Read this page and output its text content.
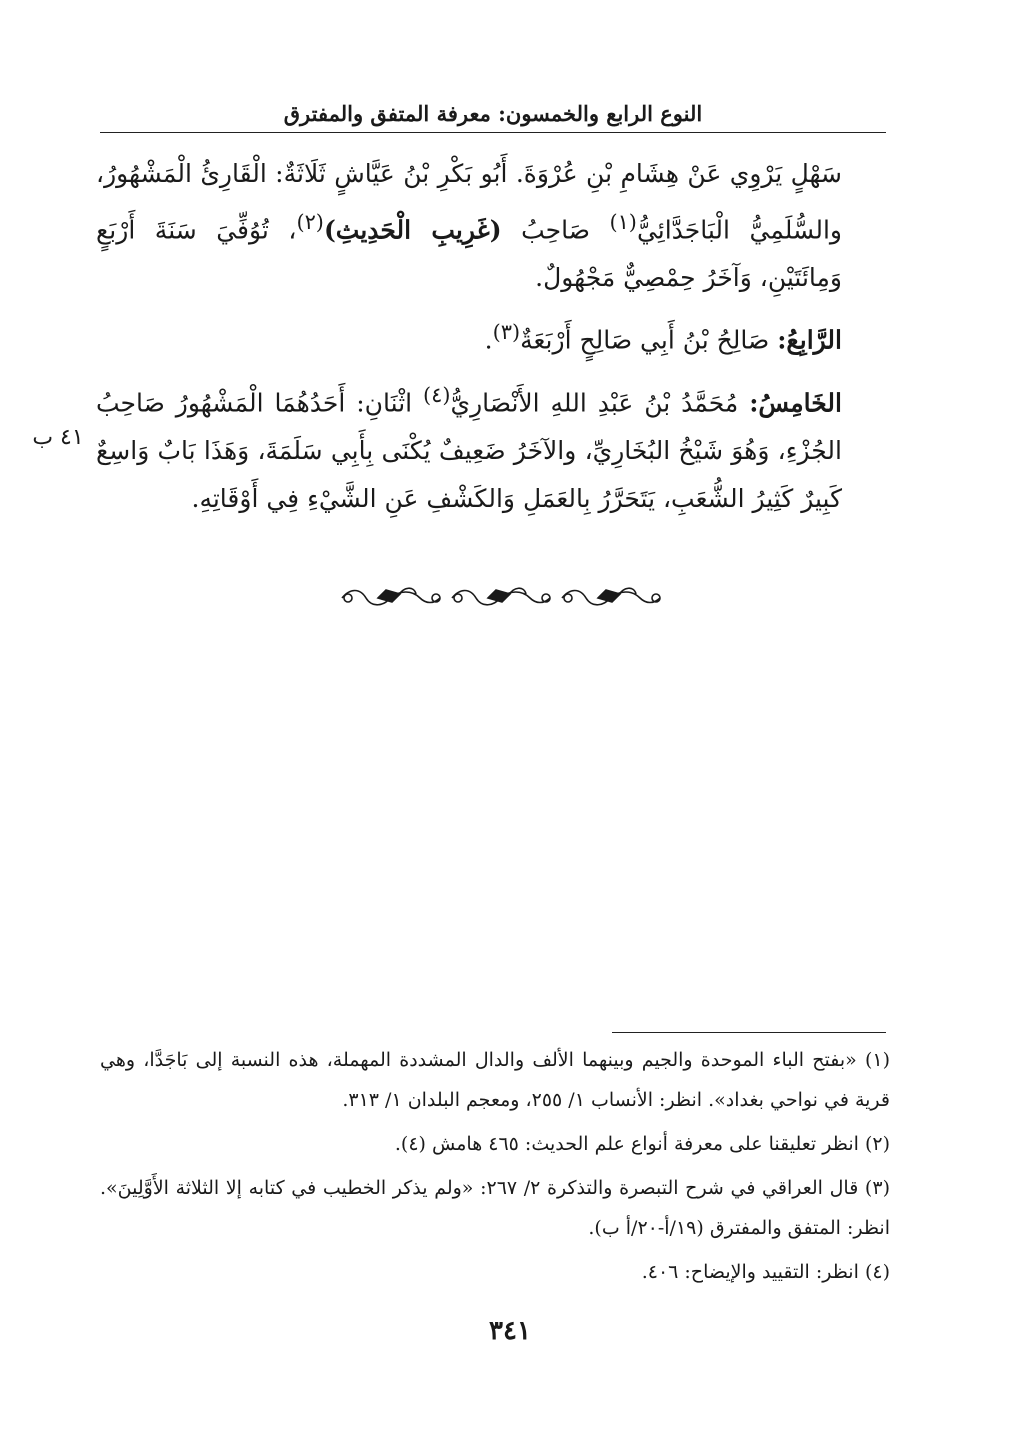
النوع الرابع والخمسون: معرفة المتفق والمفترق

سَهْلٍ يَرْوِي عَنْ هِشَامِ بْنِ عُرْوَةَ. أَبُو بَكْرِ بْنُ عَيَّاشٍ ثَلَاثَةٌ: الْقَارِئُ الْمَشْهُورُ، والسُّلَمِيُّ الْبَاجَدَّائِيُّ$^{(١)}$ صَاحِبُ (غَرِيبِ الْحَدِيثِ)$^{(٢)}$، تُوُفِّيَ سَنَةَ أَرْبَعٍ وَمِائَتَيْنِ، وَآخَرُ حِمْصِيٌّ مَجْهُولٌ.

الرَّابِعُ: صَالِحُ بْنُ أَبِي صَالِحٍ أَرْبَعَةٌ$^{(٣)}$.

الخَامِسُ: مُحَمَّدُ بْنُ عَبْدِ اللهِ الأَنْصَارِيُّ$^{(٤)}$ اثْنَانِ: أَحَدُهُمَا الْمَشْهُورُ صَاحِبُ الجُزْءِ، وَهُوَ شَيْخُ البُخَارِيِّ، والآخَرُ ضَعِيفٌ يُكْنَى بِأَبِي سَلَمَةَ، وَهَذَا بَابٌ وَاسِعٌ كَبِيرٌ كَثِيرُ الشُّعَبِ، يَتَحَرَّرُ بِالعَمَلِ وَالكَشْفِ عَنِ الشَّيْءِ فِي أَوْقَاتِهِ.

٤١ ب

(١) «بفتح الباء الموحدة والجيم وبينهما الألف والدال المشددة المهملة، هذه النسبة إلى بَاجَدَّا، وهي قرية في نواحي بغداد». انظر: الأنساب ١/ ٢٥٥، ومعجم البلدان ١/ ٣١٣.

(٢) انظر تعليقنا على معرفة أنواع علم الحديث: ٤٦٥ هامش (٤).

(٣) قال العراقي في شرح التبصرة والتذكرة ٢/ ٢٦٧: «ولم يذكر الخطيب في كتابه إلا الثلاثة الأَوَّلِينَ». انظر: المتفق والمفترق (١٩/أ-٢٠/أ ب).

(٤) انظر: التقييد والإيضاح: ٤٠٦.

٣٤١
